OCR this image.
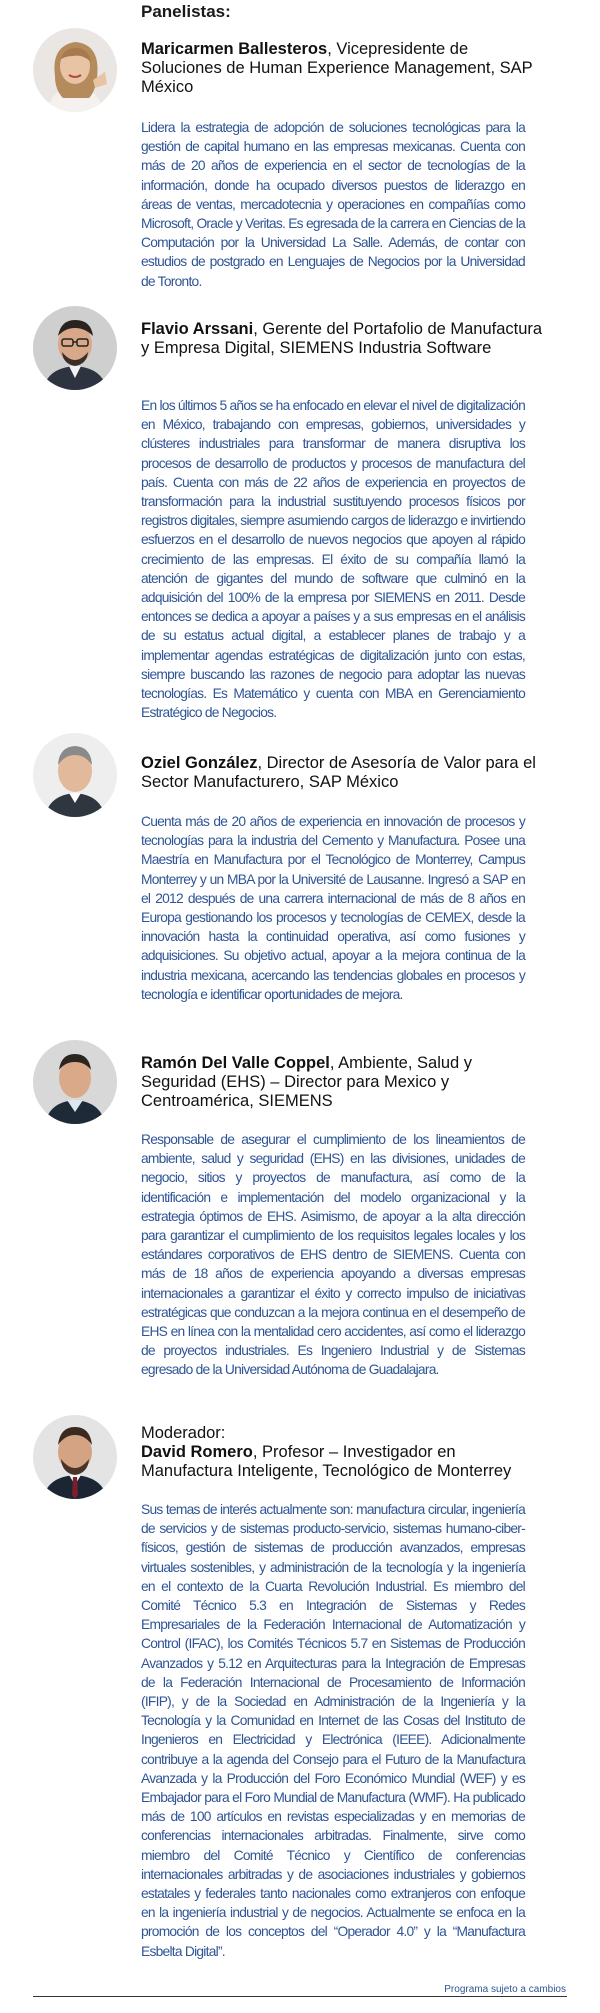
Panelistas:
Maricarmen Ballesteros, Vicepresidente de Soluciones de Human Experience Management, SAP México

Lidera la estrategia de adopción de soluciones tecnológicas para la gestión de capital humano en las empresas mexicanas. Cuenta con más de 20 años de experiencia en el sector de tecnologías de la información, donde ha ocupado diversos puestos de liderazgo en áreas de ventas, mercadotecnia y operaciones en compañías como Microsoft, Oracle y Veritas. Es egresada de la carrera en Ciencias de la Computación por la Universidad La Salle. Además, de contar con estudios de postgrado en Lenguajes de Negocios por la Universidad de Toronto.

Flavio Arssani, Gerente del Portafolio de Manufactura y Empresa Digital, SIEMENS Industria Software

En los últimos 5 años se ha enfocado en elevar el nivel de digitalización en México, trabajando con empresas, gobiernos, universidades y clústeres industriales para transformar de manera disruptiva los procesos de desarrollo de productos y procesos de manufactura del país. Cuenta con más de 22 años de experiencia en proyectos de transformación para la industrial sustituyendo procesos físicos por registros digitales, siempre asumiendo cargos de liderazgo e invirtiendo esfuerzos en el desarrollo de nuevos negocios que apoyen al rápido crecimiento de las empresas. El éxito de su compañía llamó la atención de gigantes del mundo de software que culminó en la adquisición del 100% de la empresa por SIEMENS en 2011. Desde entonces se dedica a apoyar a países y a sus empresas en el análisis de su estatus actual digital, a establecer planes de trabajo y a implementar agendas estratégicas de digitalización junto con estas, siempre buscando las razones de negocio para adoptar las nuevas tecnologías. Es Matemático y cuenta con MBA en Gerenciamiento Estratégico de Negocios.

Oziel González, Director de Asesoría de Valor para el Sector Manufacturero, SAP México

Cuenta más de 20 años de experiencia en innovación de procesos y tecnologías para la industria del Cemento y Manufactura. Posee una Maestría en Manufactura por el Tecnológico de Monterrey, Campus Monterrey y un MBA por la Université de Lausanne. Ingresó a SAP en el 2012 después de una carrera internacional de más de 8 años en Europa gestionando los procesos y tecnologías de CEMEX, desde la innovación hasta la continuidad operativa, así como fusiones y adquisiciones. Su objetivo actual, apoyar a la mejora continua de la industria mexicana, acercando las tendencias globales en procesos y tecnología e identificar oportunidades de mejora.

Ramón Del Valle Coppel, Ambiente, Salud y Seguridad (EHS) – Director para Mexico y Centroamérica, SIEMENS

Responsable de asegurar el cumplimiento de los lineamientos de ambiente, salud y seguridad (EHS) en las divisiones, unidades de negocio, sitios y proyectos de manufactura, así como de la identificación e implementación del modelo organizacional y la estrategia óptimos de EHS. Asimismo, de apoyar a la alta dirección para garantizar el cumplimiento de los requisitos legales locales y los estándares corporativos de EHS dentro de SIEMENS. Cuenta con más de 18 años de experiencia apoyando a diversas empresas internacionales a garantizar el éxito y correcto impulso de iniciativas estratégicas que conduzcan a la mejora continua en el desempeño de EHS en línea con la mentalidad cero accidentes, así como el liderazgo de proyectos industriales. Es Ingeniero Industrial y de Sistemas egresado de la Universidad Autónoma de Guadalajara.

Moderador:
David Romero, Profesor – Investigador en Manufactura Inteligente, Tecnológico de Monterrey

Sus temas de interés actualmente son: manufactura circular, ingeniería de servicios y de sistemas producto-servicio, sistemas humano-ciber-físicos, gestión de sistemas de producción avanzados, empresas virtuales sostenibles, y administración de la tecnología y la ingeniería en el contexto de la Cuarta Revolución Industrial. Es miembro del Comité Técnico 5.3 en Integración de Sistemas y Redes Empresariales de la Federación Internacional de Automatización y Control (IFAC), los Comités Técnicos 5.7 en Sistemas de Producción Avanzados y 5.12 en Arquitecturas para la Integración de Empresas de la Federación Internacional de Procesamiento de Información (IFIP), y de la Sociedad en Administración de la Ingeniería y la Tecnología y la Comunidad en Internet de las Cosas del Instituto de Ingenieros en Electricidad y Electrónica (IEEE). Adicionalmente contribuye a la agenda del Consejo para el Futuro de la Manufactura Avanzada y la Producción del Foro Económico Mundial (WEF) y es Embajador para el Foro Mundial de Manufactura (WMF). Ha publicado más de 100 artículos en revistas especializadas y en memorias de conferencias internacionales arbitradas. Finalmente, sirve como miembro del Comité Técnico y Científico de conferencias internacionales arbitradas y de asociaciones industriales y gobiernos estatales y federales tanto nacionales como extranjeros con enfoque en la ingeniería industrial y de negocios. Actualmente se enfoca en la promoción de los conceptos del “Operador 4.0” y la “Manufactura Esbelta Digital”.

Programa sujeto a cambios
